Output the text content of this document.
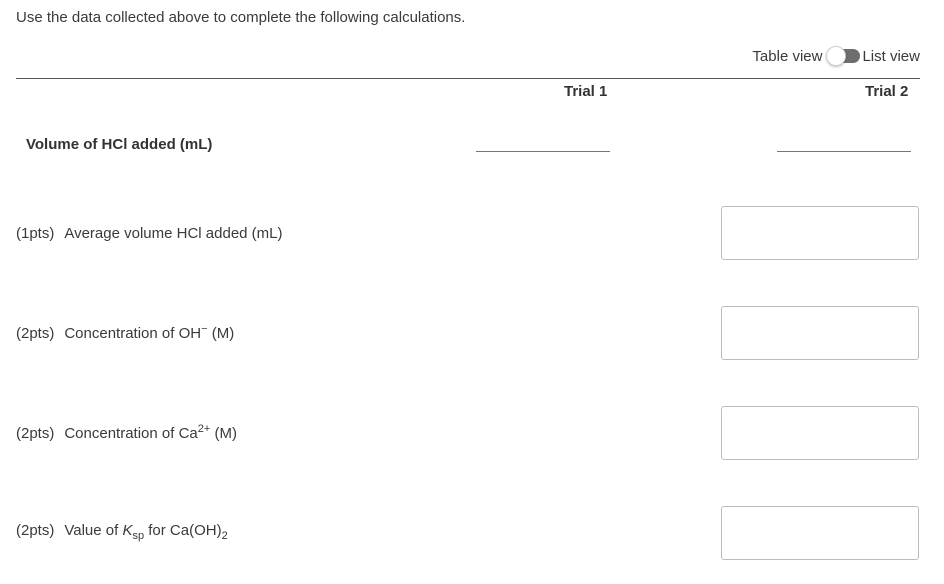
Use the data collected above to complete the following calculations.
Table view	List view
Trial 1	Trial 2
Volume of HCl added (mL)
(1pts) Average volume HCl added (mL)
(2pts) Concentration of OH− (M)
(2pts) Concentration of $Ca^{2+}$ (M)
(2pts) Value of $K_{sp}$ for $Ca(OH)_2$
